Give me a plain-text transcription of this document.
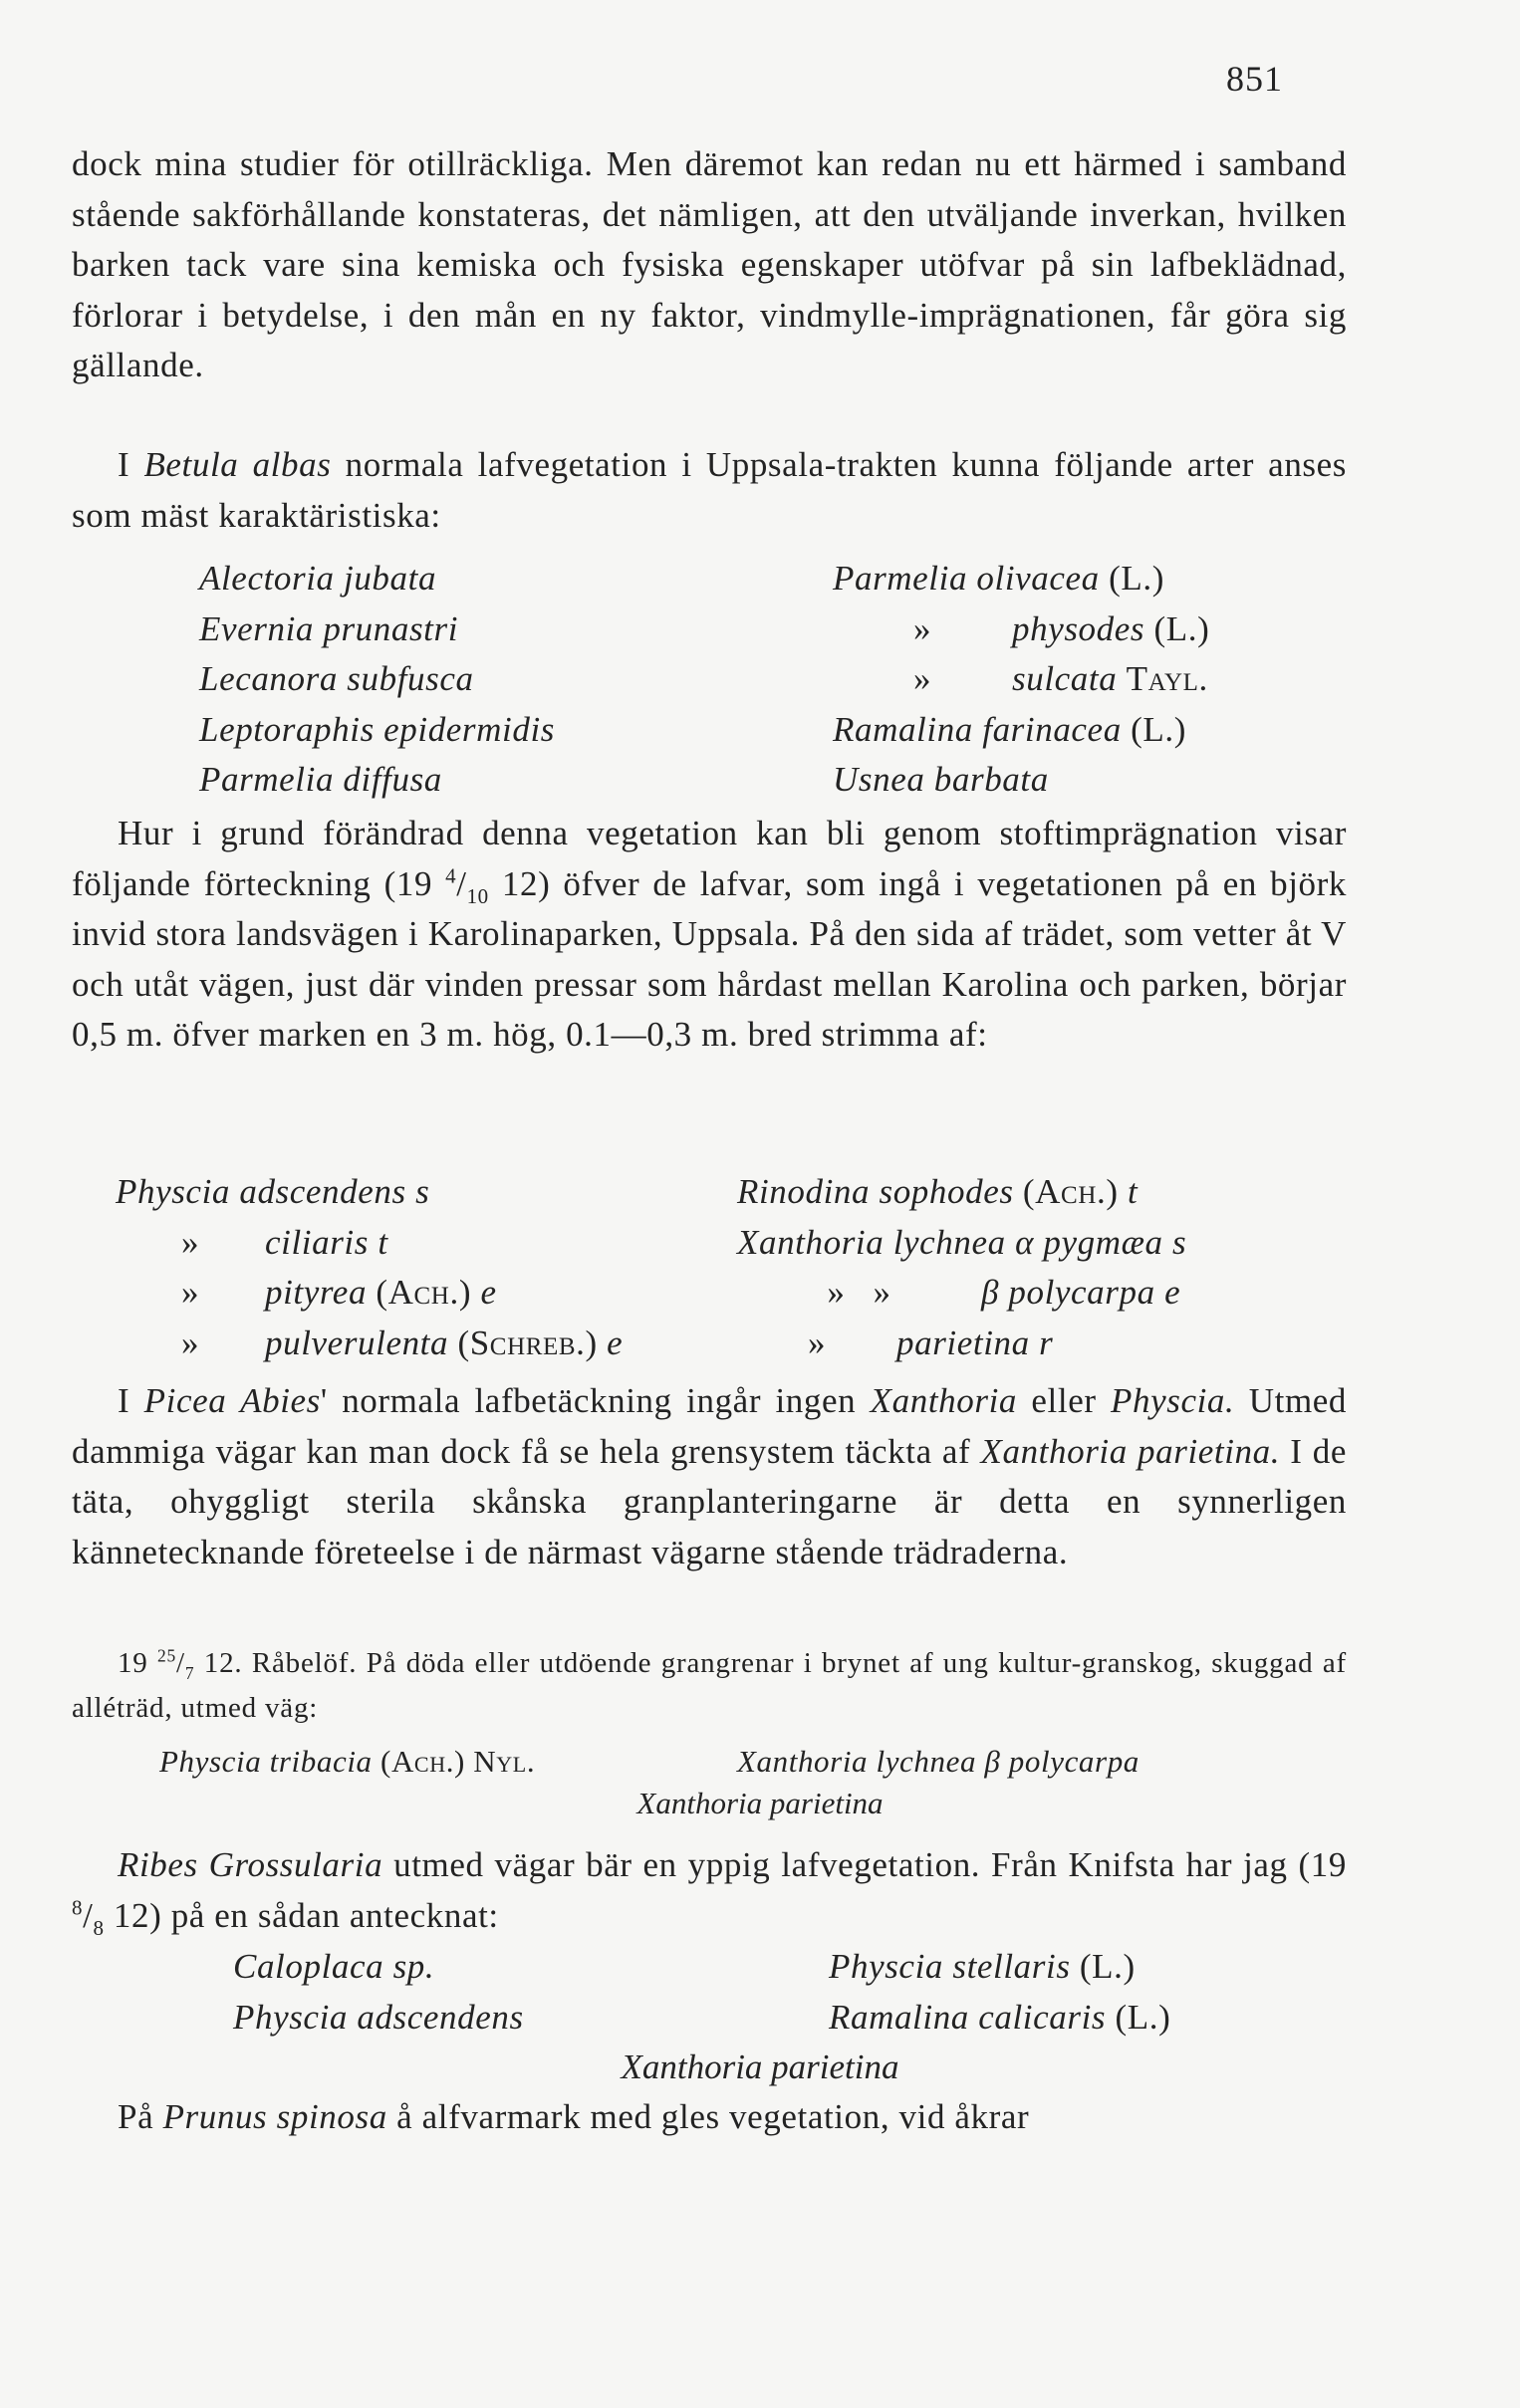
851

dock mina studier för otillräckliga. Men däremot kan redan nu ett härmed i samband stående sakförhållande konstateras, det nämligen, att den utväljande inverkan, hvilken barken tack vare sina kemiska och fysiska egenskaper utöfvar på sin lafbeklädnad, förlorar i betydelse, i den mån en ny faktor, vindmylle-imprägnationen, får göra sig gällande.

I Betula albas normala lafvegetation i Uppsala-trakten kunna följande arter anses som mäst karaktäristiska:

Alectoria jubata
Evernia prunastri
Lecanora subfusca
Leptoraphis epidermidis
Parmelia diffusa
Parmelia olivacea (L.)
» physodes (L.)
» sulcata Tayl.
Ramalina farinacea (L.)
Usnea barbata

Hur i grund förändrad denna vegetation kan bli genom stoftimprägnation visar följande förteckning (19 $^4/_{10}$ 12) öfver de lafvar, som ingå i vegetationen på en björk invid stora landsvägen i Karolinaparken, Uppsala. På den sida af trädet, som vetter åt V och utåt vägen, just där vinden pressar som hårdast mellan Karolina och parken, börjar 0,5 m. öfver marken en 3 m. hög, 0.1—0,3 m. bred strimma af:

Physcia adscendens s
» ciliaris t
» pityrea (Ach.) e
» pulverulenta (Schreb.) e
Rinodina sophodes (Ach.) t
Xanthoria lychnea α pygmæa s
»   »	β polycarpa e
» parietina r

I Picea Abies' normala lafbetäckning ingår ingen Xanthoria eller Physcia. Utmed dammiga vägar kan man dock få se hela grensystem täckta af Xanthoria parietina. I de täta, ohyggligt sterila skånska granplanteringarne är detta en synnerligen kännetecknande företeelse i de närmast vägarne stående trädraderna.

19 $^{25}/_7$ 12. Råbelöf. På döda eller utdöende grangrenar i brynet af ung kultur-granskog, skuggad af alléträd, utmed väg:

Physcia tribacia (Ach.) Nyl.	Xanthoria lychnea β polycarpa
Xanthoria parietina

Ribes Grossularia utmed vägar bär en yppig lafvegetation. Från Knifsta har jag (19 $^8/_8$ 12) på en sådan antecknat:

Caloplaca sp.
Physcia adscendens
Physcia stellaris (L.)
Ramalina calicaris (L.)
Xanthoria parietina

På Prunus spinosa å alfvarmark med gles vegetation, vid åkrar
